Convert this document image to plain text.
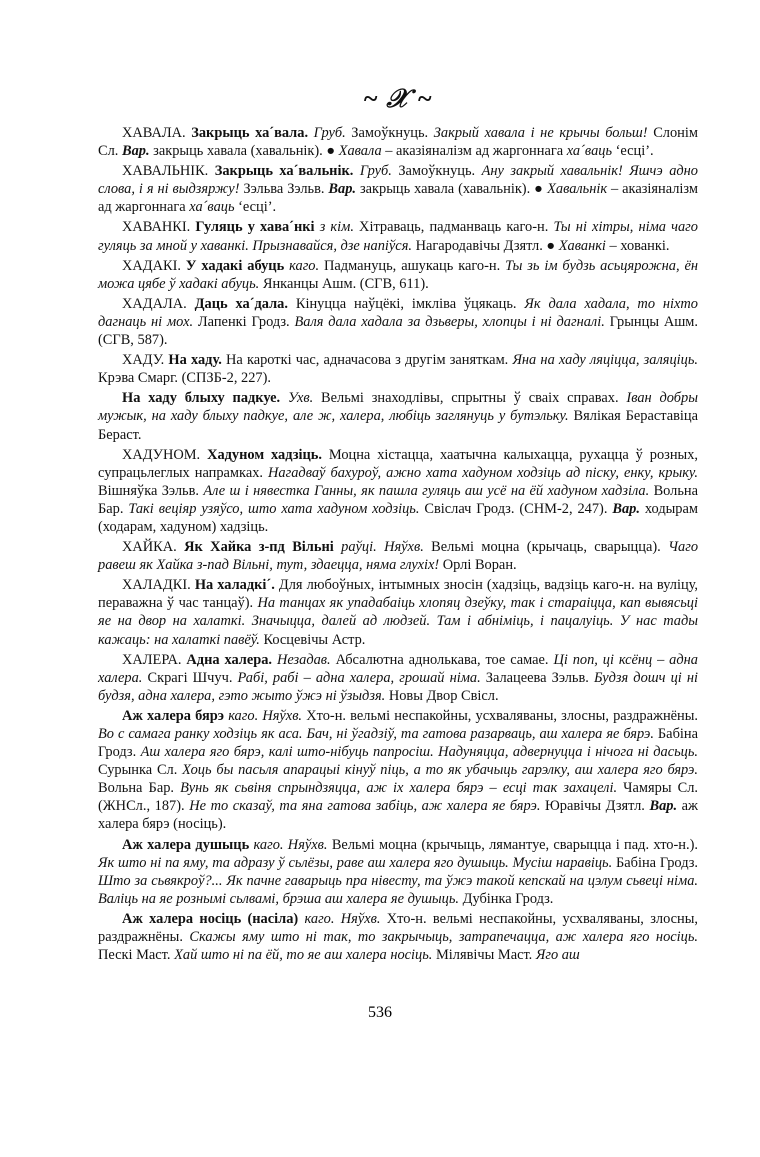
~ 𝒳 ~

ХАВАЛА. Закрыць ха´вала. Груб. Замоўкнуць. Закрый хавала і не крычы больш! Слонім Сл. Вар. закрыць хавала (хавальнік). ● Хавала – аказіяналізм ад жаргоннага ха´ваць ‘есці’.

ХАВАЛЬНІК. Закрыць ха´вальнік. Груб. Замоўкнуць. Ану закрый хавальнік! Яшчэ адно слова, і я ні выдзяржу! Зэльва Зэльв. Вар. закрыць хавала (хавальнік). ● Хавальнік – аказіяналізм ад жаргоннага ха´ваць ‘есці’.

ХАВАНКІ. Гуляць у хава´нкі з кім. Хітраваць, падманваць каго-н. Ты ні хітры, німа чаго гуляць за мной у хаванкі. Прызнавайся, дзе напіўся. Нагародавічы Дзятл. ● Хаванкі – хованкі.

ХАДАКІ. У хадакі абуць каго. Падмануць, ашукаць каго-н. Ты зь ім будзь асьцярожна, ён можа цябе ў хадакі абуць. Янканцы Ашм. (СГВ, 611).

ХАДАЛА. Даць ха´дала. Кінуцца наўцёкі, імкліва ўцякаць. Як дала хадала, то ніхто дагнаць ні мох. Лапенкі Гродз. Валя дала хадала за дзьверы, хлопцы і ні дагналі. Грынцы Ашм. (СГВ, 587).

ХАДУ. На хаду. На кароткі час, адначасова з другім заняткам. Яна на хаду ляціцца, заляціць. Крэва Смарг. (СПЗБ-2, 227).

На хаду блыху падкуе. Ухв. Вельмі знаходлівы, спрытны ў сваіх справах. Іван добры мужык, на хаду блыху падкуе, але ж, халера, любіць заглянуць у бутэльку. Вялікая Бераставіца Бераст.

ХАДУНОМ. Хадуном хадзіць. Моцна хістацца, хаатычна калыхацца, рухацца ў розных, супрацьлеглых напрамках. Нагадваў бахуроў, ажно хата хадуном ходзіць ад піску, енку, крыку. Вішняўка Зэльв. Але ш і нявестка Ганны, як пашла гуляць аш усё на ёй хадуном хадзіла. Вольна Бар. Такі веціяр узяўсо, што хата хадуном ходзіць. Свіслач Гродз. (СНМ-2, 247). Вар. ходырам (ходарам, хадуном) хадзіць.

ХАЙКА. Як Хайка з-пд Вільні раўці. Няўхв. Вельмі моцна (крычаць, сварыцца). Чаго равеш як Хайка з-пад Вільні, тут, здаецца, няма глухіх! Орлі Воран.

ХАЛАДКІ. На халадкі´. Для любоўных, інтымных зносін (хадзіць, вадзіць каго-н. на вуліцу, пераважна ў час танцаў). На танцах як упадабаіць хлопяц дзеўку, так і стараіцца, кап вывясьці яе на двор на халаткі. Значыцца, далей ад людзей. Там і абніміць, і пацалуіць. У нас тады кажаць: на халаткі павёў. Косцевічы Астр.

ХАЛЕРА. Адна халера. Незадав. Абсалютна аднолькава, тое самае. Ці поп, ці ксёнц – адна халера. Скрагі Шчуч. Рабі, рабі – адна халера, грошай німа. Залацеева Зэльв. Будзя дошч ці ні будзя, адна халера, гэто жыто ўжэ ні ўзыдзя. Новы Двор Свісл.

Аж халера бярэ каго. Няўхв. Хто-н. вельмі неспакойны, усхваляваны, злосны, раздражнёны. Во с самага ранку ходзіць як аса. Бач, ні ўгадзіў, та гатова разарваць, аш халера яе бярэ. Бабіна Гродз. Аш халера яго бярэ, калі што-нібуць папросіш. Надуняцца, адвернуцца і нічога ні дасьць. Сурынка Сл. Хоць бы пасьля апарацыі кінуў піць, а то як убачыць гарэлку, аш халера яго бярэ. Вольна Бар. Вунь як сьвіня спрындзяцца, аж іх халера бярэ – есці так захацелі. Чамяры Сл. (ЖНСл., 187). Не то сказаў, та яна гатова забіць, аж халера яе бярэ. Юравічы Дзятл. Вар. аж халера бярэ (носіць).

Аж халера душыць каго. Няўхв. Вельмі моцна (крычыць, лямантуе, сварыцца і пад. хто-н.). Як што ні па яму, та адразу ў сьлёзы, раве аш халера яго душыць. Мусіш наравіць. Бабіна Гродз. Што за сьвякроў?... Як пачне гаварыць пра нівесту, та ўжэ такой кепскай на цэлум сьвеці німа. Валіць на яе рознымі сьлвамі, брэша аш халера яе душыць. Дубінка Гродз.

Аж халера носіць (насіла) каго. Няўхв. Хто-н. вельмі неспакойны, усхваляваны, злосны, раздражнёны. Скажы яму што ні так, то закрычыць, затрапечацца, аж халера яго носіць. Пескі Маст. Хай што ні па ёй, то яе аш халера носіць. Мілявічы Маст. Яго аш

536
